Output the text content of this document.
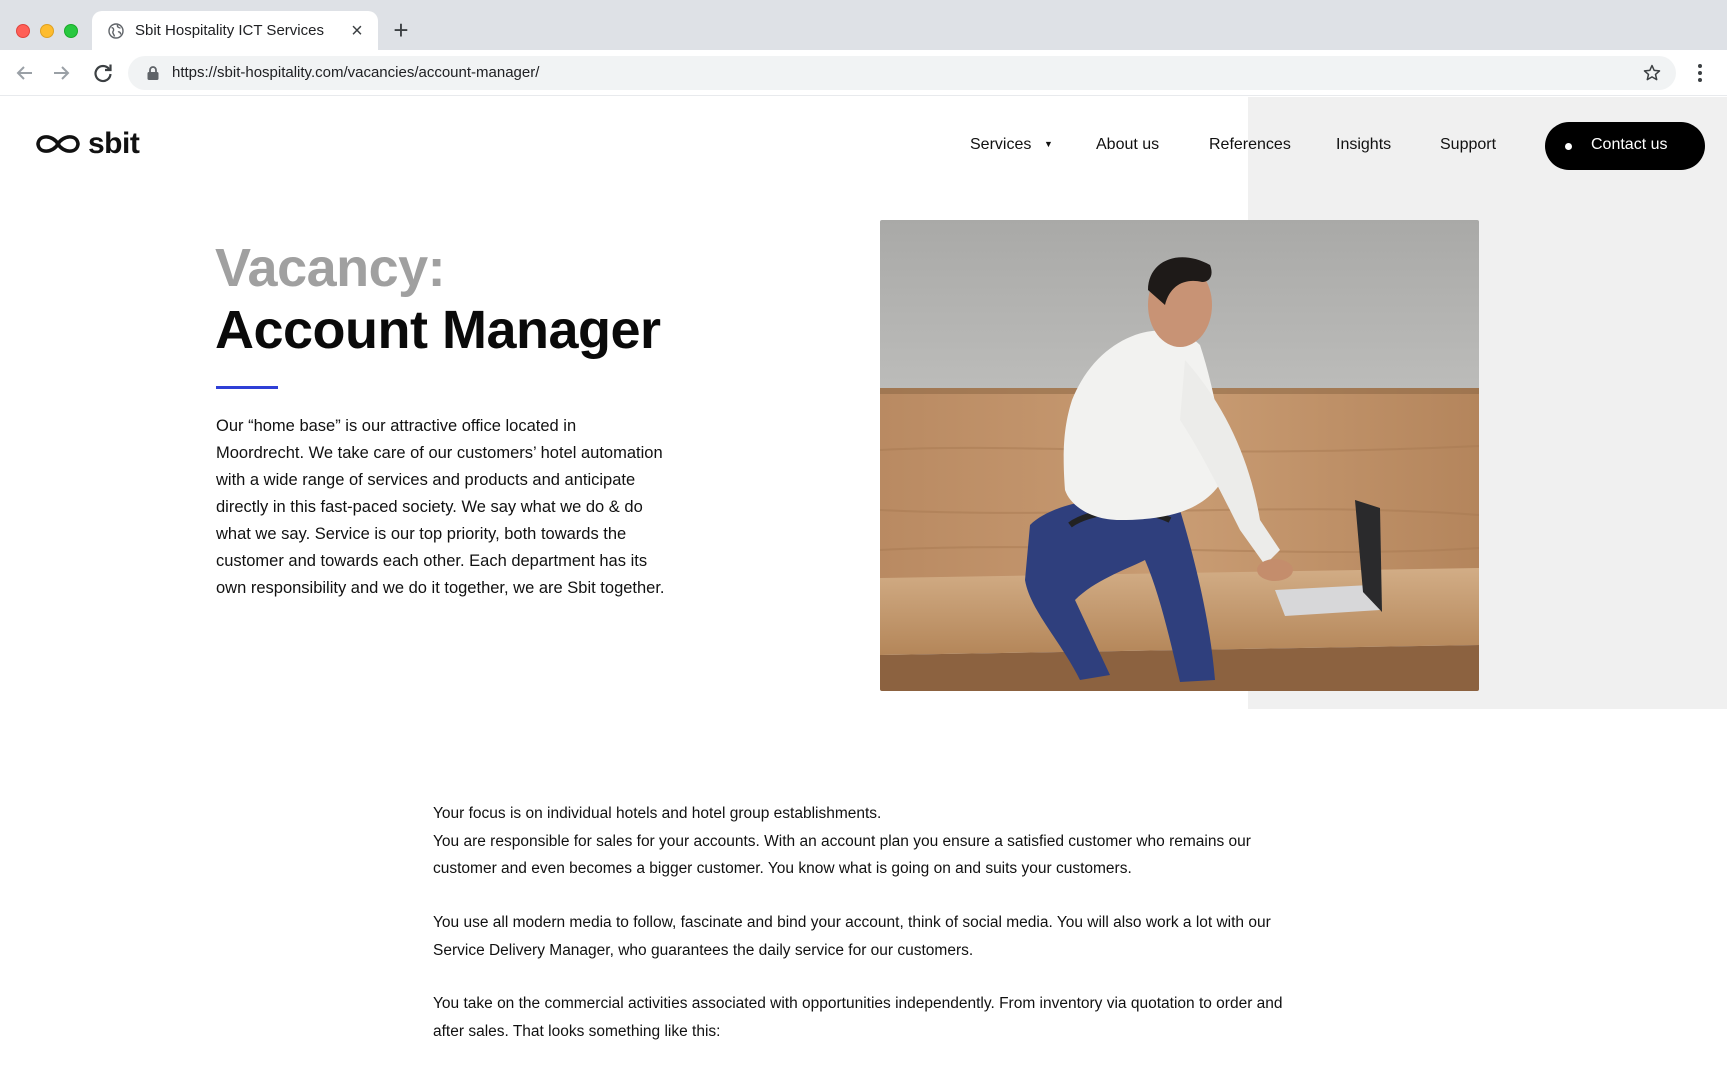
Sbit Hospitality ICT Services × +
https://sbit-hospitality.com/vacancies/account-manager/
sbit	Services ▼	About us	References	Insights	Support	Contact us
Vacancy:
Account Manager

Our “home base” is our attractive office located in Moordrecht. We take care of our customers’ hotel automation with a wide range of services and products and anticipate directly in this fast-paced society. We say what we do & do what we say. Service is our top priority, both towards the customer and towards each other. Each department has its own responsibility and we do it together, we are Sbit together.

Your focus is on individual hotels and hotel group establishments.
You are responsible for sales for your accounts. With an account plan you ensure a satisfied customer who remains our customer and even becomes a bigger customer. You know what is going on and suits your customers.

You use all modern media to follow, fascinate and bind your account, think of social media. You will also work a lot with our Service Delivery Manager, who guarantees the daily service for our customers.

You take on the commercial activities associated with opportunities independently. From inventory via quotation to order and after sales. That looks something like this:
